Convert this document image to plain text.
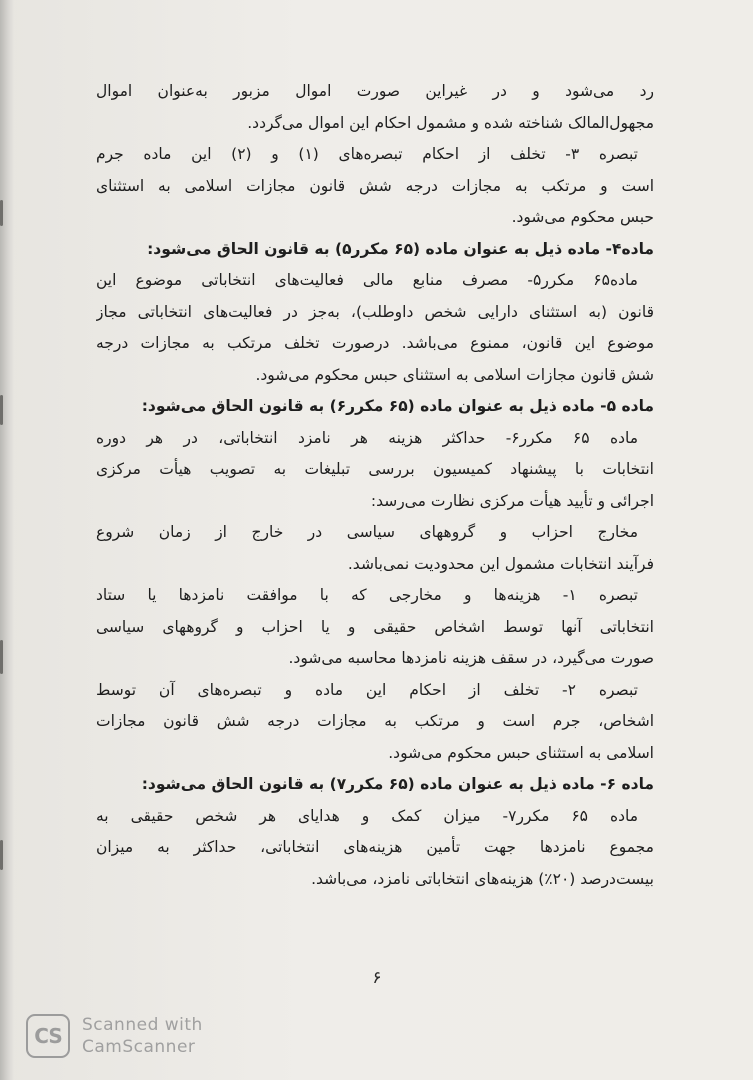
رد می‌شود و در غیراین صورت اموال مزبور به‌عنوان اموال
مجهول‌المالک شناخته شده و مشمول احکام این اموال می‌گردد.
تبصره ۳- تخلف از احکام تبصره‌های (۱) و (۲) این ماده جرم
است و مرتکب به مجازات درجه شش قانون مجازات اسلامی به استثنای
حبس محکوم می‌شود.
ماده۴- ماده ذیل به عنوان ماده (۶۵ مکرر۵) به قانون الحاق می‌شود:
ماده۶۵ مکرر۵- مصرف منابع مالی فعالیت‌های انتخاباتی موضوع این
قانون (به استثنای دارایی شخص داوطلب)، به‌جز در فعالیت‌های انتخاباتی مجاز
موضوع این قانون، ممنوع می‌باشد. درصورت تخلف مرتکب به مجازات درجه
شش قانون مجازات اسلامی به استثنای حبس محکوم می‌شود.
ماده ۵- ماده ذیل به عنوان ماده (۶۵ مکرر۶) به قانون الحاق می‌شود:
ماده ۶۵ مکرر۶- حداکثر هزینه هر نامزد انتخاباتی، در هر دوره
انتخابات با پیشنهاد کمیسیون بررسی تبلیغات به تصویب هیأت مرکزی
اجرائی و تأیید هیأت مرکزی نظارت می‌رسد:
مخارج احزاب و گروههای سیاسی در خارج از زمان شروع
فرآیند انتخابات مشمول این محدودیت نمی‌باشد.
تبصره ۱- هزینه‌ها و مخارجی که با موافقت نامزدها یا ستاد
انتخاباتی آنها توسط اشخاص حقیقی و یا احزاب و گروههای سیاسی
صورت می‌گیرد، در سقف هزینه نامزدها محاسبه می‌شود.
تبصره ۲- تخلف از احکام این ماده و تبصره‌های آن توسط
اشخاص، جرم است و مرتکب به مجازات درجه شش قانون مجازات
اسلامی به استثنای حبس محکوم می‌شود.
ماده ۶- ماده ذیل به عنوان ماده (۶۵ مکرر۷) به قانون الحاق می‌شود:
ماده ۶۵ مکرر۷- میزان کمک و هدایای هر شخص حقیقی به
مجموع نامزدها جهت تأمین هزینه‌های انتخاباتی، حداکثر به میزان
بیست‌درصد (۲۰٪) هزینه‌های انتخاباتی نامزد، می‌باشد.
۶
CS	Scanned with
CamScanner
